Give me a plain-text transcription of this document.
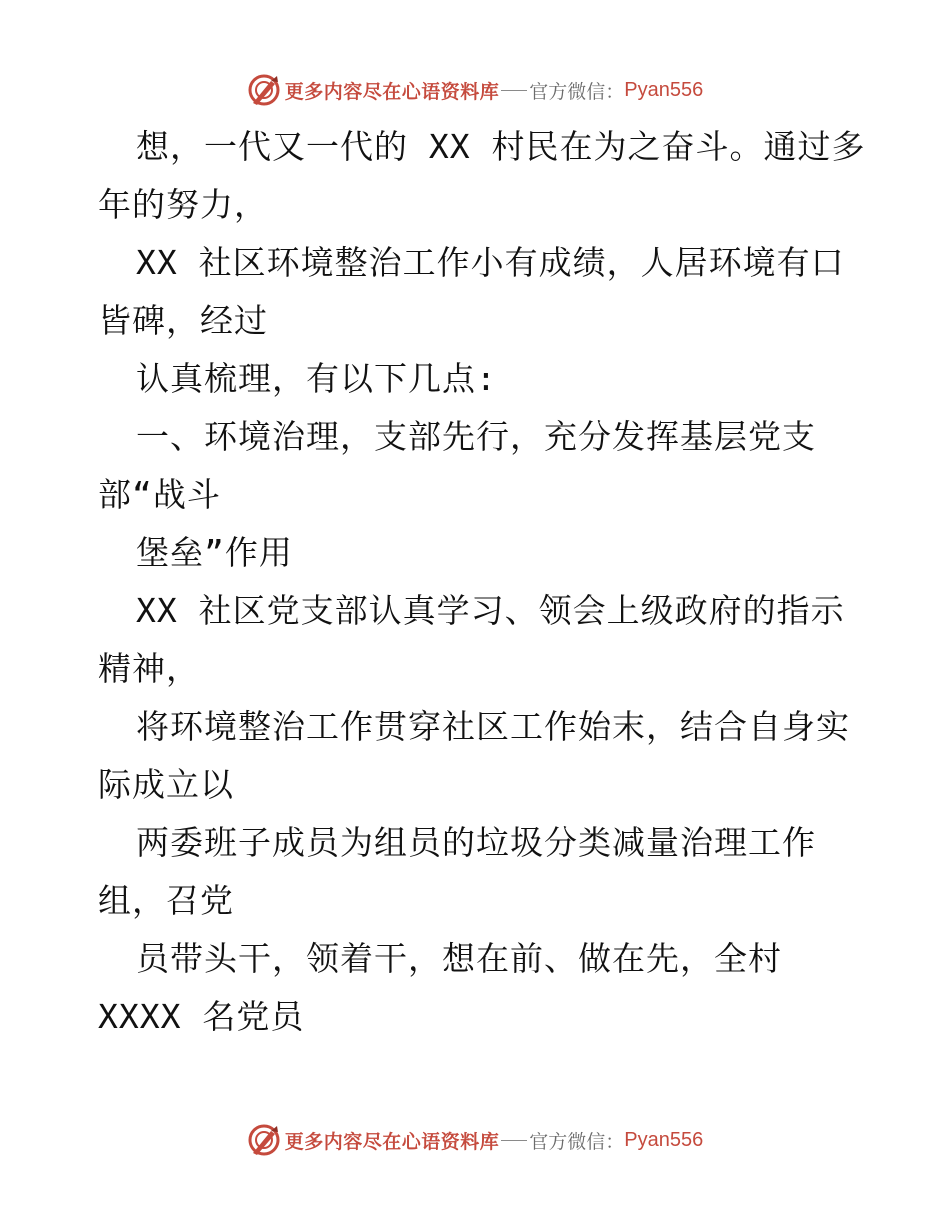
更多内容尽在心语资料库 官方微信： Pyan556
想，一代又一代的 XX 村民在为之奋斗。通过多
年的努力，
XX 社区环境整治工作小有成绩，人居环境有口
皆碑，经过
认真梳理，有以下几点:
一、环境治理，支部先行，充分发挥基层党支
部“战斗
堡垒”作用
XX 社区党支部认真学习、领会上级政府的指示
精神，
将环境整治工作贯穿社区工作始末，结合自身实
际成立以
两委班子成员为组员的垃圾分类减量治理工作
组，召党
员带头干，领着干，想在前、做在先，全村
XXXX 名党员
更多内容尽在心语资料库 官方微信： Pyan556
